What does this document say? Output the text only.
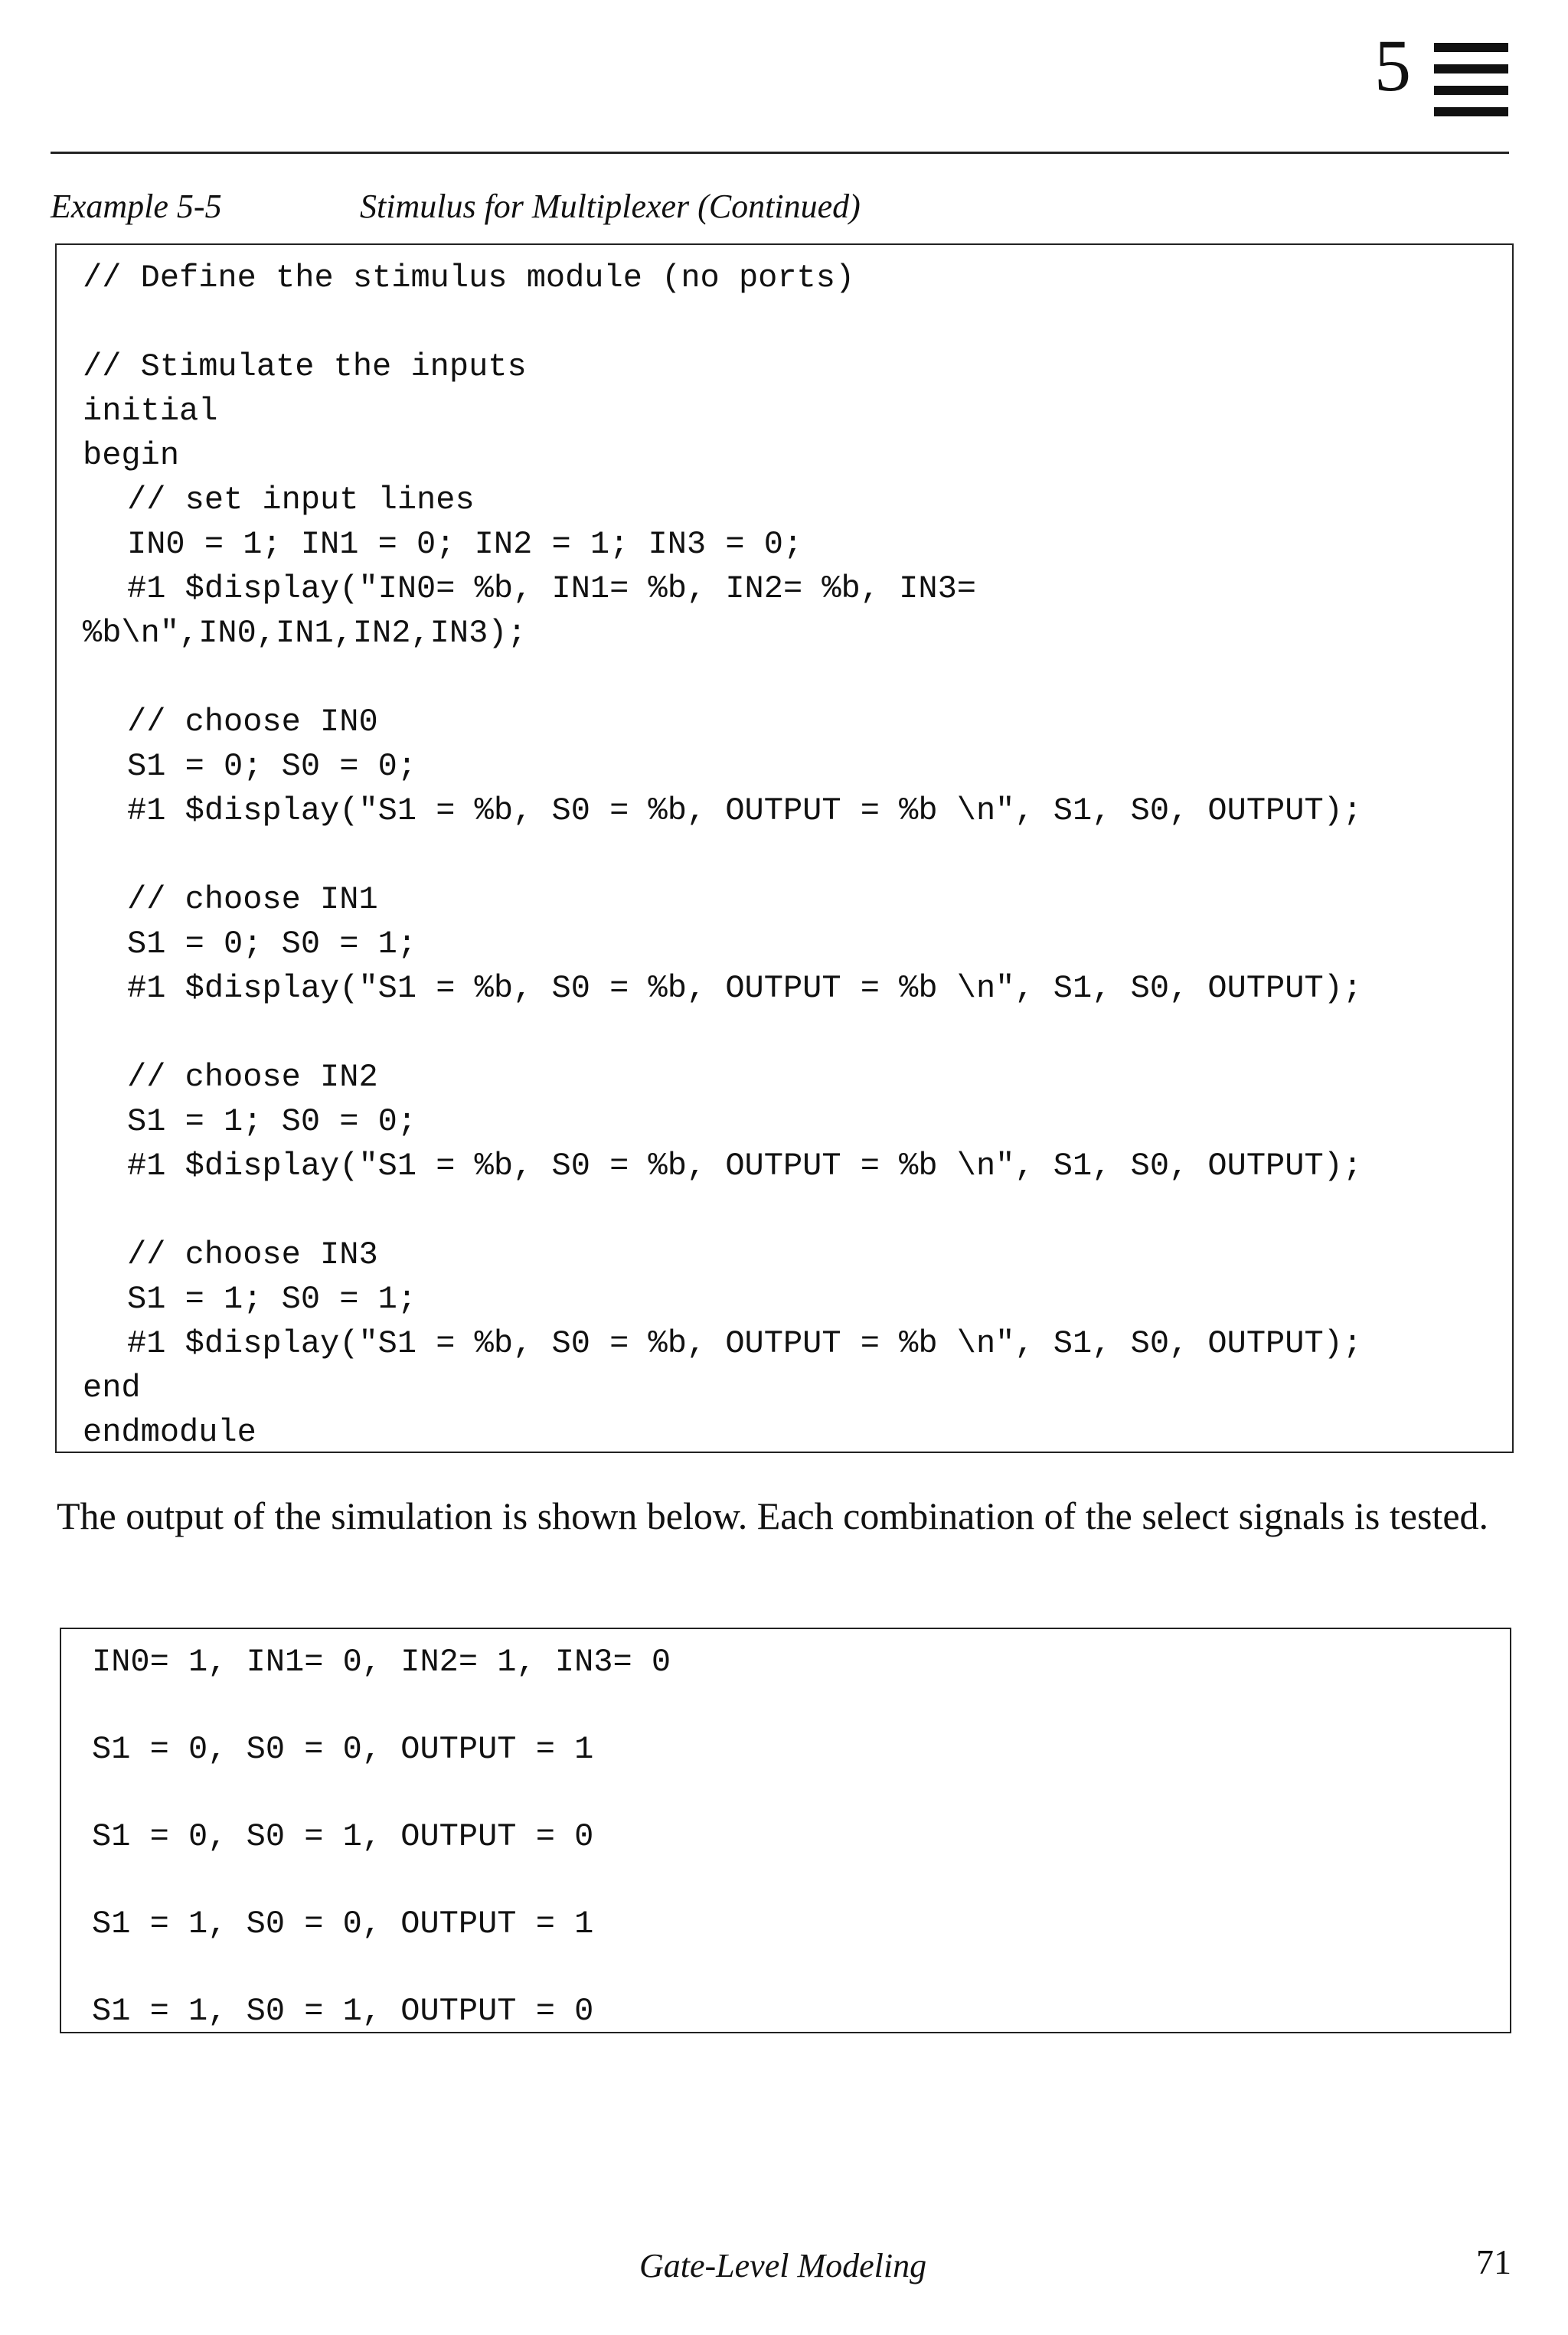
5
Example 5-5	Stimulus for Multiplexer (Continued)
// Define the stimulus module (no ports)
// Stimulate the inputs
initial
begin
// set input lines
IN0 = 1; IN1 = 0; IN2 = 1; IN3 = 0;
#1 $display("IN0= %b, IN1= %b, IN2= %b, IN3=
%b\n",IN0,IN1,IN2,IN3);
// choose IN0
S1 = 0; S0 = 0;
#1 $display("S1 = %b, S0 = %b, OUTPUT = %b \n", S1, S0, OUTPUT);
// choose IN1
S1 = 0; S0 = 1;
#1 $display("S1 = %b, S0 = %b, OUTPUT = %b \n", S1, S0, OUTPUT);
// choose IN2
S1 = 1; S0 = 0;
#1 $display("S1 = %b, S0 = %b, OUTPUT = %b \n", S1, S0, OUTPUT);
// choose IN3
S1 = 1; S0 = 1;
#1 $display("S1 = %b, S0 = %b, OUTPUT = %b \n", S1, S0, OUTPUT);
end
endmodule

The output of the simulation is shown below. Each combination of the select signals is tested.

IN0= 1, IN1= 0, IN2= 1, IN3= 0
S1 = 0, S0 = 0, OUTPUT = 1
S1 = 0, S0 = 1, OUTPUT = 0
S1 = 1, S0 = 0, OUTPUT = 1
S1 = 1, S0 = 1, OUTPUT = 0
Gate-Level Modeling	71
